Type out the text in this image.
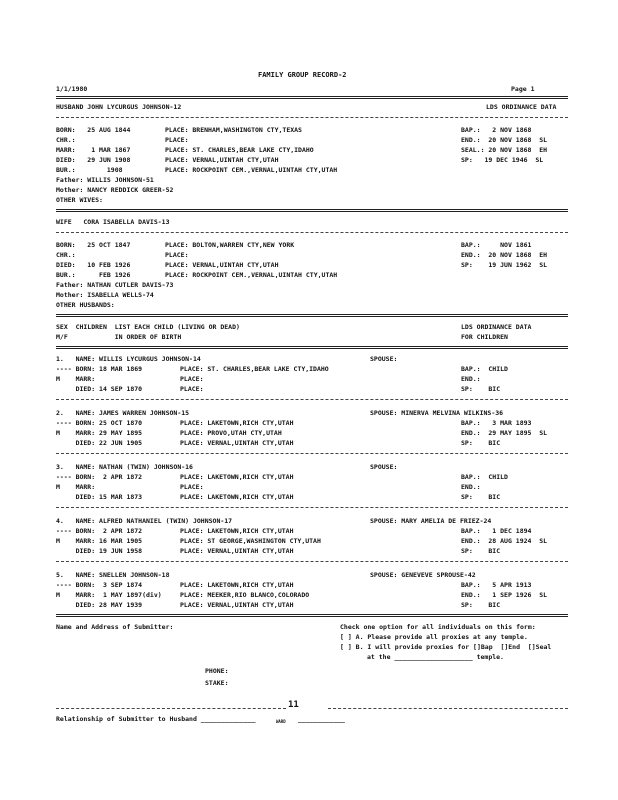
FAMILY GROUP RECORD-2
1/1/1980	Page 1
HUSBAND JOHN LYCURGUS JOHNSON-12	LDS ORDINANCE DATA
BORN:   25 AUG 1844	PLACE: BRENHAM,WASHINGTON CTY,TEXAS	BAP.:   2 NOV 1868
CHR.:	PLACE:	END.:  20 NOV 1868  SL
MARR:    1 MAR 1867	PLACE: ST. CHARLES,BEAR LAKE CTY,IDAHO	SEAL.: 20 NOV 1868  EH
DIED:   29 JUN 1908	PLACE: VERNAL,UINTAH CTY,UTAH	SP:   19 DEC 1946  SL
BUR.:        1908	PLACE: ROCKPOINT CEM.,VERNAL,UINTAH CTY,UTAH
Father: WILLIS JOHNSON-51
Mother: NANCY REDDICK GREER-52
OTHER WIVES:
WIFE   CORA ISABELLA DAVIS-13
BORN:   25 OCT 1847	PLACE: BOLTON,WARREN CTY,NEW YORK	BAP.:     NOV 1861
CHR.:	PLACE:	END.:  20 NOV 1868  EH
DIED:   10 FEB 1926	PLACE: VERNAL,UINTAH CTY,UTAH	SP:    19 JUN 1962  SL
BUR.:      FEB 1926	PLACE: ROCKPOINT CEM.,VERNAL,UINTAH CTY,UTAH
Father: NATHAN CUTLER DAVIS-73
Mother: ISABELLA WELLS-74
OTHER HUSBANDS:
SEX  CHILDREN  LIST EACH CHILD (LIVING OR DEAD)
M/F            IN ORDER OF BIRTH
LDS ORDINANCE DATA
FOR CHILDREN
1.   NAME: WILLIS LYCURGUS JOHNSON-14	SPOUSE:
---- BORN: 18 MAR 1869	PLACE: ST. CHARLES,BEAR LAKE CTY,IDAHO	BAP.:  CHILD
M    MARR:	PLACE:	END.:
DIED: 14 SEP 1870	PLACE:	SP:    BIC
2.   NAME: JAMES WARREN JOHNSON-15	SPOUSE: MINERVA MELVINA WILKINS-36
---- BORN: 25 OCT 1870	PLACE: LAKETOWN,RICH CTY,UTAH	BAP.:   3 MAR 1893
M    MARR: 29 MAY 1895	PLACE: PROVO,UTAH CTY,UTAH	END.:  29 MAY 1895  SL
DIED: 22 JUN 1905	PLACE: VERNAL,UINTAH CTY,UTAH	SP:    BIC
3.   NAME: NATHAN (TWIN) JOHNSON-16	SPOUSE:
---- BORN:  2 APR 1872	PLACE: LAKETOWN,RICH CTY,UTAH	BAP.:  CHILD
M    MARR:	PLACE:	END.:
DIED: 15 MAR 1873	PLACE: LAKETOWN,RICH CTY,UTAH	SP:    BIC
4.   NAME: ALFRED NATHANIEL (TWIN) JOHNSON-17	SPOUSE: MARY AMELIA DE FRIEZ-24
---- BORN:  2 APR 1872	PLACE: LAKETOWN,RICH CTY,UTAH	BAP.:   1 DEC 1894
M    MARR: 16 MAR 1905	PLACE: ST GEORGE,WASHINGTON CTY,UTAH	END.:  28 AUG 1924  SL
DIED: 19 JUN 1958	PLACE: VERNAL,UINTAH CTY,UTAH	SP:    BIC
5.   NAME: SNELLEN JOHNSON-18	SPOUSE: GENEVEVE SPROUSE-42
---- BORN:  3 SEP 1874	PLACE: LAKETOWN,RICH CTY,UTAH	BAP.:   5 APR 1913
M    MARR:  1 MAY 1897(div)	PLACE: MEEKER,RIO BLANCO,COLORADO	END.:   1 SEP 1926  SL
DIED: 28 MAY 1939	PLACE: VERNAL,UINTAH CTY,UTAH	SP:    BIC
Name and Address of Submitter:	Check one option for all individuals on this form:
[ ] A. Please provide all proxies at any temple.
[ ] B. I will provide proxies for []Bap  []End  []Seal
at the ____________________ temple.
PHONE:
STAKE:
11
Relationship of Submitter to Husband ______________	WARD ____________
